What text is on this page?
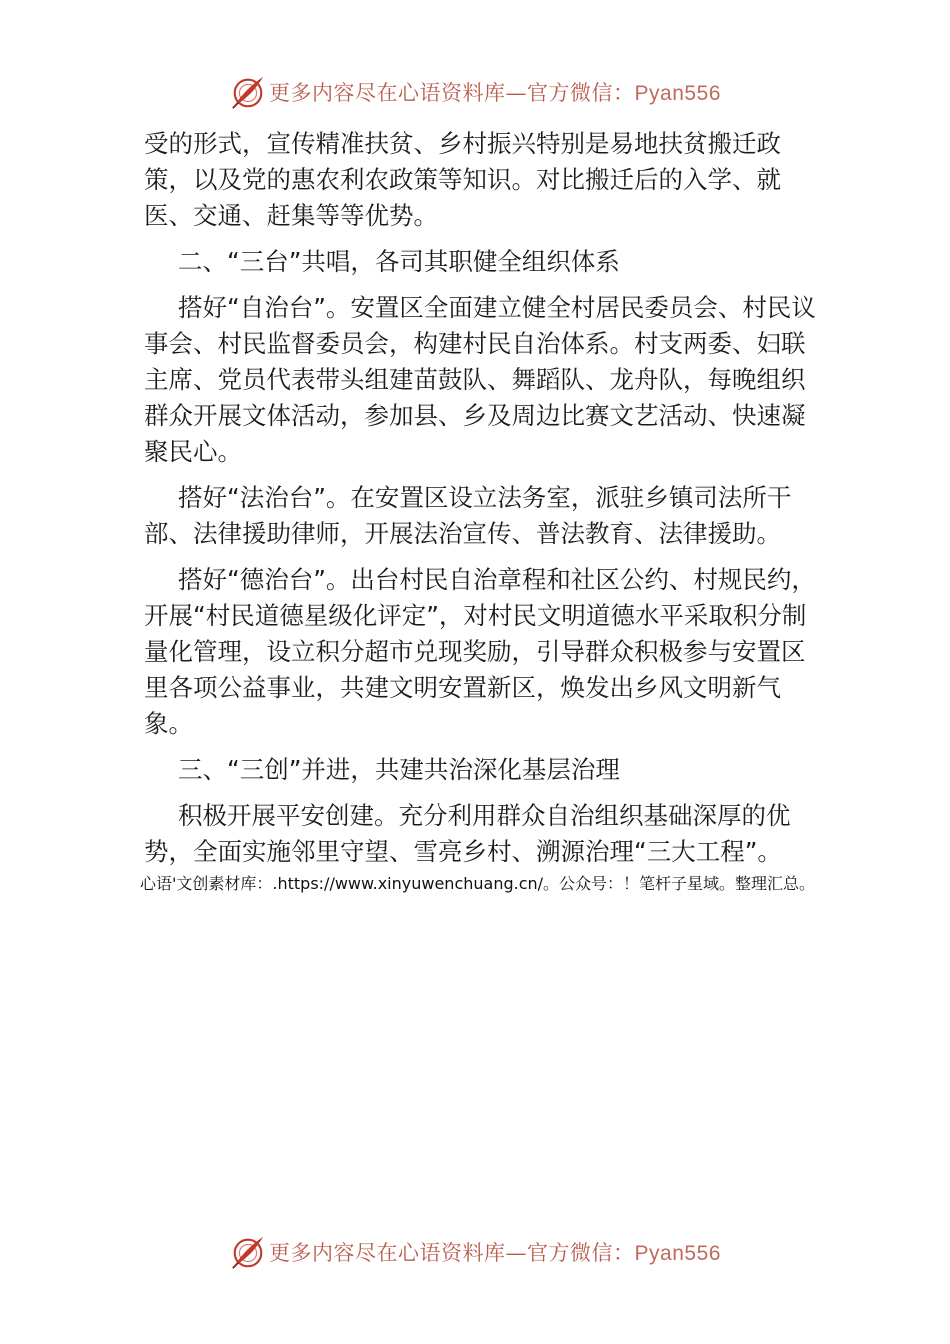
更多内容尽在心语资料库—官方微信：Pyan556

受的形式，宣传精准扶贫、乡村振兴特别是易地扶贫搬迁政策，以及党的惠农利农政策等知识。对比搬迁后的入学、就医、交通、赶集等等优势。

二、“三台”共唱，各司其职健全组织体系

搭好“自治台”。安置区全面建立健全村居民委员会、村民议事会、村民监督委员会，构建村民自治体系。村支两委、妇联主席、党员代表带头组建苗鼓队、舞蹈队、龙舟队，每晚组织群众开展文体活动，参加县、乡及周边比赛文艺活动、快速凝聚民心。

搭好“法治台”。在安置区设立法务室，派驻乡镇司法所干部、法律援助律师，开展法治宣传、普法教育、法律援助。

搭好“德治台”。出台村民自治章程和社区公约、村规民约，开展“村民道德星级化评定”，对村民文明道德水平采取积分制量化管理，设立积分超市兑现奖励，引导群众积极参与安置区里各项公益事业，共建文明安置新区，焕发出乡风文明新气象。

三、“三创”并进，共建共治深化基层治理

积极开展平安创建。充分利用群众自治组织基础深厚的优势，全面实施邻里守望、雪亮乡村、溯源治理“三大工程”。

心语'文创素材库：.https://www.xinyuwenchuang.cn/。公众号：！笔杆子星域。整理汇总。
更多内容尽在心语资料库—官方微信：Pyan556
